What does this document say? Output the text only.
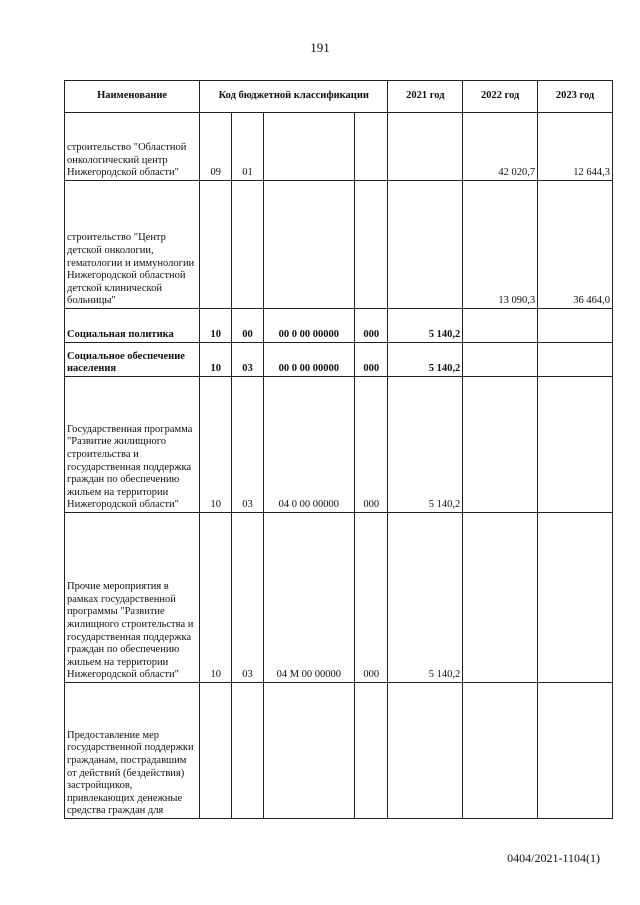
191
Наименование	Код бюджетной классификации				2021 год	2022 год	2023 год
строительство "Областной онкологический центр Нижегородской области"	09	01				42 020,7	12 644,3
строительство "Центр детской онкологии, гематологии и иммунологии Нижегородской областной детской клинической больницы"						13 090,3	36 464,0
Социальная политика	10	00	00 0 00 00000	000	5 140,2		
Социальное обеспечение населения	10	03	00 0 00 00000	000	5 140,2		
Государственная программа "Развитие жилищного строительства и государственная поддержка граждан по обеспечению жильем на территории Нижегородской области"	10	03	04 0 00 00000	000	5 140,2		
Прочие мероприятия в рамках государственной программы "Развитие жилищного строительства и государственная поддержка граждан по обеспечению жильем на территории Нижегородской области"	10	03	04 М 00 00000	000	5 140,2		
Предоставление мер государственной поддержки гражданам, пострадавшим от действий (бездействия) застройщиков, привлекающих денежные средства граждан для							
0404/2021-1104(1)
